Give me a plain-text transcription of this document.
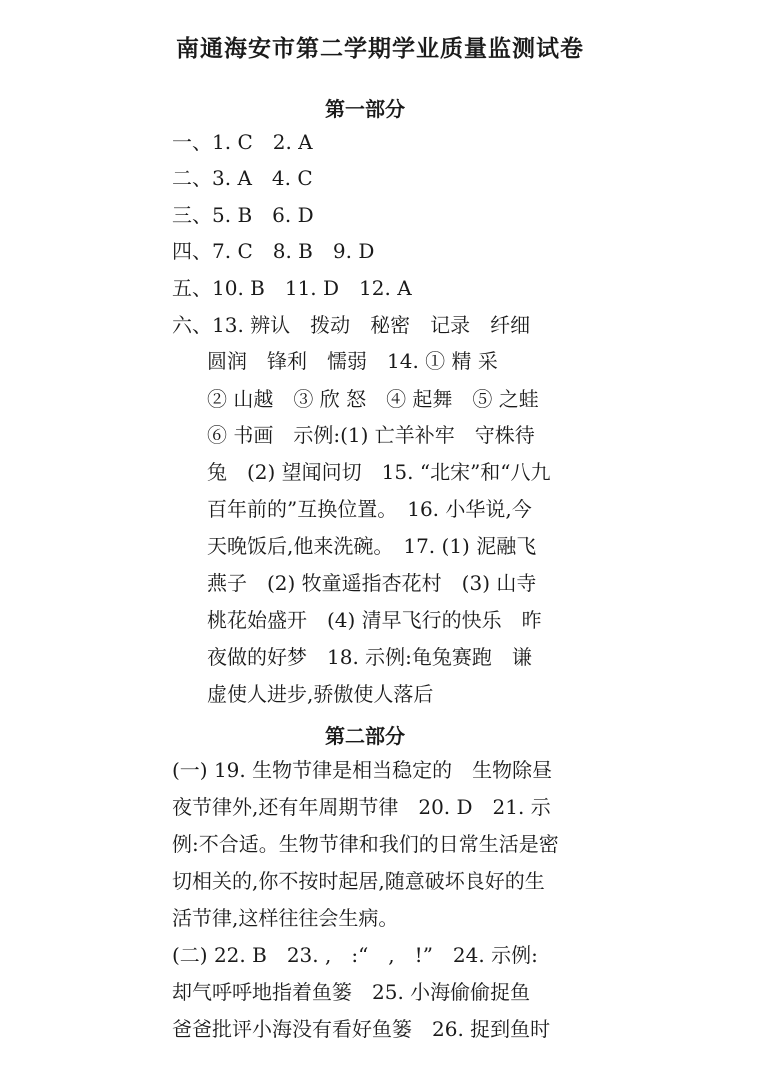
南通海安市第二学期学业质量监测试卷
第一部分
一、1. C　2. A
二、3. A　4. C
三、5. B　6. D
四、7. C　8. B　9. D
五、10. B　11. D　12. A
六、13. 辨认　拨动　秘密　记录　纤细
圆润　锋利　懦弱　14. ① 精 采
② 山越　③ 欣 怒　④ 起舞　⑤ 之蛙
⑥ 书画　示例:(1) 亡羊补牢　守株待
兔　(2) 望闻问切　15. “北宋”和“八九
百年前的”互换位置。　16. 小华说,今
天晚饭后,他来洗碗。　17. (1) 泥融飞
燕子　(2) 牧童遥指杏花村　(3) 山寺
桃花始盛开　(4) 清早飞行的快乐　昨
夜做的好梦　18. 示例:龟兔赛跑　谦
虚使人进步,骄傲使人落后
第二部分
(一) 19. 生物节律是相当稳定的　生物除昼
夜节律外,还有年周期节律　20. D　21. 示
例:不合适。生物节律和我们的日常生活是密
切相关的,你不按时起居,随意破坏良好的生
活节律,这样往往会生病。
(二) 22. B　23. ,　:“　,　!”　24. 示例:
却气呼呼地指着鱼篓　25. 小海偷偷捉鱼
爸爸批评小海没有看好鱼篓　26. 捉到鱼时
